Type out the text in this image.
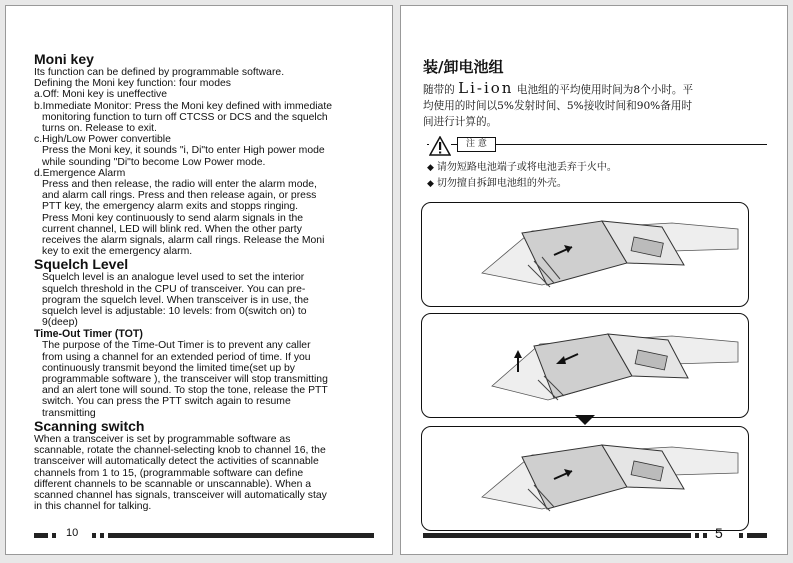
Moni key
Its function can be defined by programmable software.
Defining the Moni key function: four modes
a.Off: Moni key is uneffective
b.Immediate Monitor: Press the Moni key defined with immediate
monitoring function to turn off CTCSS or DCS and the squelch
turns on. Release to exit.
c.High/Low Power convertible
Press the Moni key, it sounds "i, Di"to enter High power mode
while sounding "Di"to become Low Power mode.
d.Emergence Alarm
Press and then release, the radio will enter the alarm mode,
and alarm call rings. Press and then release again, or press
PTT key, the emergency alarm exits and stopps ringing.
Press Moni key continuously to send alarm signals in the
current channel, LED will blink red. When the other party
receives the alarm signals, alarm call rings. Release the Moni
key to exit the emergency alarm.
Squelch Level
Squelch level is an analogue level used to set the interior
squelch threshold in the CPU of transceiver. You can pre-
program the squelch level. When transceiver is in use, the
squelch level is adjustable: 10 levels: from 0(switch on) to
9(deep)
Time-Out Timer (TOT)
The purpose of the Time-Out Timer is to prevent any caller
from using a channel for an extended period of time. If you
continuously transmit beyond the limited time(set up by
programmable software ), the transceiver will stop transmitting
and an alert tone will sound. To stop the tone, release the PTT
switch. You can press the PTT switch again to resume
transmitting
Scanning switch
When a transceiver is set by programmable software as
scannable, rotate the channel-selecting knob to channel 16, the
transceiver will automatically detect the activities of scannable
channels from 1 to 15, (programmable software can define
different channels to be scannable or unscannable). When a
scanned channel has signals, transceiver will automatically stay
in this channel for talking.
10
装/卸电池组
随带的 Li-ion 电池组的平均使用时间为8个小时。平
均使用的时间以5%发射时间、5%接收时间和90%备用时
间进行计算的。
注 意
◆ 请勿短路电池端子或将电池丢弃于火中。
◆ 切勿擅自拆卸电池组的外壳。
5
